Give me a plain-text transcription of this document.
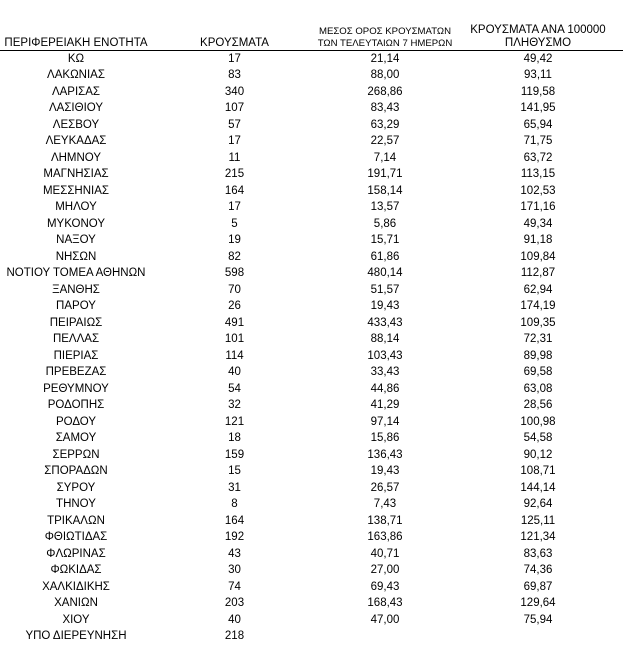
ΠΕΡΙΦΕΡΕΙΑΚΗ ΕΝΟΤΗΤΑ	ΚΡΟΥΣΜΑΤΑ	ΜΕΣΟΣ ΟΡΟΣ ΚΡΟΥΣΜΑΤΩΝ
ΤΩΝ ΤΕΛΕΥΤΑΙΩΝ 7 ΗΜΕΡΩΝ	ΚΡΟΥΣΜΑΤΑ ΑΝΑ 100000
ΠΛΗΘΥΣΜΟ
ΚΩ	17	21,14	49,42
ΛΑΚΩΝΙΑΣ	83	88,00	93,11
ΛΑΡΙΣΑΣ	340	268,86	119,58
ΛΑΣΙΘΙΟΥ	107	83,43	141,95
ΛΕΣΒΟΥ	57	63,29	65,94
ΛΕΥΚΑΔΑΣ	17	22,57	71,75
ΛΗΜΝΟΥ	11	7,14	63,72
ΜΑΓΝΗΣΙΑΣ	215	191,71	113,15
ΜΕΣΣΗΝΙΑΣ	164	158,14	102,53
ΜΗΛΟΥ	17	13,57	171,16
ΜΥΚΟΝΟΥ	5	5,86	49,34
ΝΑΞΟΥ	19	15,71	91,18
ΝΗΣΩΝ	82	61,86	109,84
ΝΟΤΙΟΥ ΤΟΜΕΑ ΑΘΗΝΩΝ	598	480,14	112,87
ΞΑΝΘΗΣ	70	51,57	62,94
ΠΑΡΟΥ	26	19,43	174,19
ΠΕΙΡΑΙΩΣ	491	433,43	109,35
ΠΕΛΛΑΣ	101	88,14	72,31
ΠΙΕΡΙΑΣ	114	103,43	89,98
ΠΡΕΒΕΖΑΣ	40	33,43	69,58
ΡΕΘΥΜΝΟΥ	54	44,86	63,08
ΡΟΔΟΠΗΣ	32	41,29	28,56
ΡΟΔΟΥ	121	97,14	100,98
ΣΑΜΟΥ	18	15,86	54,58
ΣΕΡΡΩΝ	159	136,43	90,12
ΣΠΟΡΑΔΩΝ	15	19,43	108,71
ΣΥΡΟΥ	31	26,57	144,14
ΤΗΝΟΥ	8	7,43	92,64
ΤΡΙΚΑΛΩΝ	164	138,71	125,11
ΦΘΙΩΤΙΔΑΣ	192	163,86	121,34
ΦΛΩΡΙΝΑΣ	43	40,71	83,63
ΦΩΚΙΔΑΣ	30	27,00	74,36
ΧΑΛΚΙΔΙΚΗΣ	74	69,43	69,87
ΧΑΝΙΩΝ	203	168,43	129,64
ΧΙΟΥ	40	47,00	75,94
ΥΠΟ ΔΙΕΡΕΥΝΗΣΗ	218		
